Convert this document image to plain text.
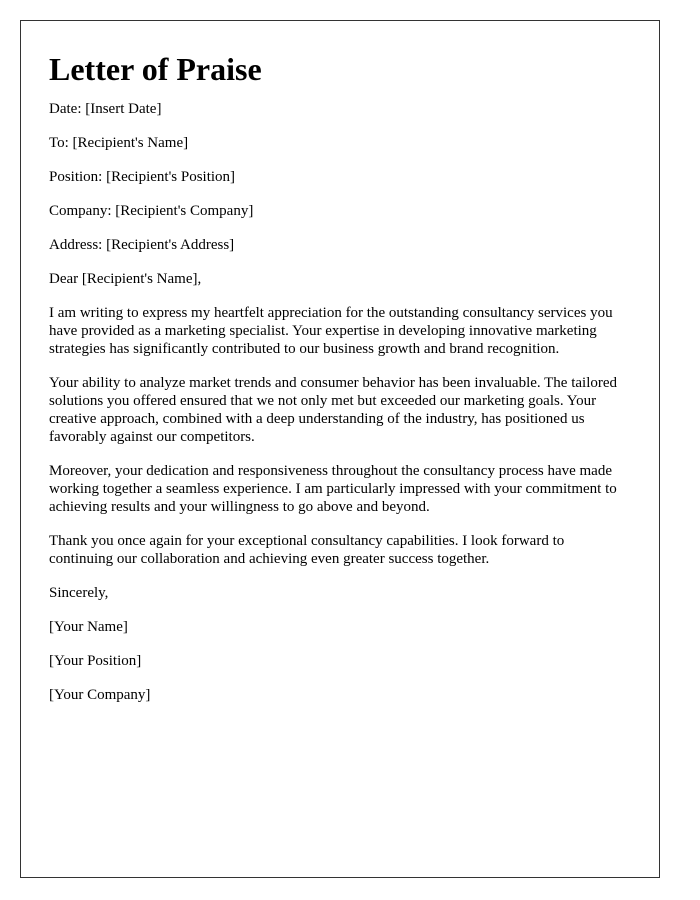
Letter of Praise
Date: [Insert Date]
To: [Recipient's Name]
Position: [Recipient's Position]
Company: [Recipient's Company]
Address: [Recipient's Address]
Dear [Recipient's Name],

I am writing to express my heartfelt appreciation for the outstanding consultancy services you have provided as a marketing specialist. Your expertise in developing innovative marketing strategies has significantly contributed to our business growth and brand recognition.

Your ability to analyze market trends and consumer behavior has been invaluable. The tailored solutions you offered ensured that we not only met but exceeded our marketing goals. Your creative approach, combined with a deep understanding of the industry, has positioned us favorably against our competitors.

Moreover, your dedication and responsiveness throughout the consultancy process have made working together a seamless experience. I am particularly impressed with your commitment to achieving results and your willingness to go above and beyond.

Thank you once again for your exceptional consultancy capabilities. I look forward to continuing our collaboration and achieving even greater success together.

Sincerely,
[Your Name]
[Your Position]
[Your Company]
